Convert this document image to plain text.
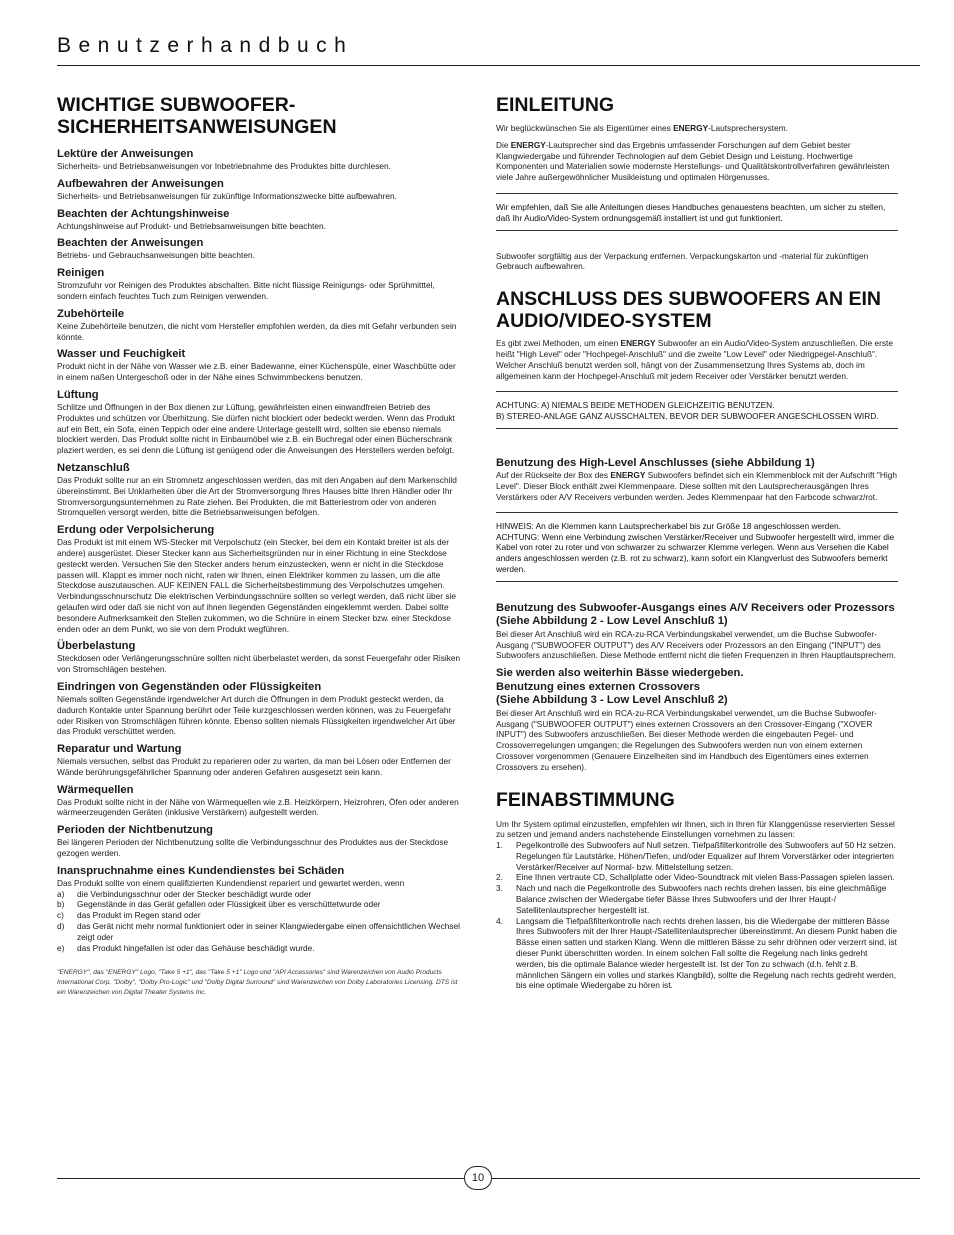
Benutzerhandbuch
WICHTIGE SUBWOOFER-SICHERHEITSANWEISUNGEN
Lektüre der Anweisungen
Sicherheits- und Betriebsanweisungen vor Inbetriebnahme des Produktes bitte durchlesen.
Aufbewahren der Anweisungen
Sicherheits- und Betriebsanweisungen für zukünftige Informationszwecke bitte aufbewahren.
Beachten der Achtungshinweise
Achtungshinweise auf Produkt- und Betriebsanweisungen bitte beachten.
Beachten der Anweisungen
Betriebs- und Gebrauchsanweisungen bitte beachten.
Reinigen
Stromzufuhr vor Reinigen des Produktes abschalten. Bitte nicht flüssige Reinigungs- oder Sprühmitttel, sondern einfach feuchtes Tuch zum Reinigen verwenden.
Zubehörteile
Keine Zubehörteile benutzen, die nicht vom Hersteller empfohlen werden, da dies mit Gefahr verbunden sein könnte.
Wasser und Feuchigkeit
Produkt nicht in der Nähe von Wasser wie z.B. einer Badewanne, einer Küchenspüle, einer Waschbütte oder in einem naßen Untergeschoß oder in der Nähe eines Schwimmbeckens benutzen.
Lüftung
Schlitze und Öffnungen in der Box dienen zur Lüftung, gewährleisten einen einwandfreien Betrieb des Produktes und schützen vor Überhitzung. Sie dürfen nicht blockiert oder bedeckt werden. Wenn das Produkt auf ein Bett, ein Sofa, einen Teppich oder eine andere Unterlage gestellt wird, sollten sie ebenso niemals blockiert werden. Das Produkt sollte nicht in Einbaumöbel wie z.B. ein Buchregal oder einen Bücherschrank plaziert werden, es sei denn die Lüftung ist genügend oder die Anweisungen des Herstellers werden befolgt.
Netzanschluß
Das Produkt sollte nur an ein Stromnetz angeschlossen werden, das mit den Angaben auf dem Markenschild übereinstimmt. Bei Unklarheiten über die Art der Stromversorgung Ihres Hauses bitte Ihren Händler oder Ihr Stromversorgungsunternehmen zu Rate ziehen. Bei Produkten, die mit Batteriestrom oder von anderen Stromquellen versorgt werden, bitte die Betriebsanweisungen befolgen.
Erdung oder Verpolsicherung
Das Produkt ist mit einem WS-Stecker mit Verpolschutz (ein Stecker, bei dem ein Kontakt breiter ist als der andere) ausgerüstet. Dieser Stecker kann aus Sicherheitsgründen nur in einer Richtung in eine Steckdose gesteckt werden. Versuchen Sie den Stecker anders herum einzustecken, wenn er nicht in die Steckdose passen will. Klappt es immer noch nicht, raten wir Ihnen, einen Elektriker kommen zu lassen, um die alte Steckdose auszutauschen. AUF KEINEN FALL die Sicherheitsbestimmung des Verpolschutzes umgehen. Verbindungsschnurschutz Die elektrischen Verbindungsschnüre sollten so verlegt werden, daß nicht über sie gelaufen wird oder daß sie nicht von auf ihnen liegenden Gegenständen eingeklemmt werden. Dabei sollte besondere Aufmerksamkeit den Stellen zukommen, wo die Schnüre in einem Stecker bzw. einer Steckdose enden oder an dem Punkt, wo sie von dem Produkt wegführen.
Überbelastung
Steckdosen oder Verlängerungsschnüre sollten nicht überbelastet werden, da sonst Feuergefahr oder Risiken von Stromschlägen bestehen.
Eindringen von Gegenständen oder Flüssigkeiten
Niemals sollten Gegenstände irgendwelcher Art durch die Öffnungen in dem Produkt gesteckt werden, da dadurch Kontakte unter Spannung berührt oder Teile kurzgeschlossen werden können, was zu Feuergefahr oder Risiken von Stromschlägen führen könnte. Ebenso sollten niemals Flüssigkeiten irgendwelcher Art über das Produkt verschüttet werden.
Reparatur und Wartung
Niemals versuchen, selbst das Produkt zu reparieren oder zu warten, da man bei Lösen oder Entfernen der Wände berührungsgefährlicher Spannung oder anderen Gefahren ausgesetzt sein kann.
Wärmequellen
Das Produkt sollte nicht in der Nähe von Wärmequellen wie z.B. Heizkörpern, Heizrohren, Öfen oder anderen wärmeerzeugenden Geräten (inklusive Verstärkern) aufgestellt werden.
Perioden der Nichtbenutzung
Bei längeren Perioden der Nichtbenutzung sollte die Verbindungsschnur des Produktes aus der Steckdose gezogen werden.
Inanspruchnahme eines Kundendienstes bei Schäden
Das Produkt sollte von einem qualifizierten Kundendienst repariert und gewartet werden, wenn
a)	die Verbindungsschnur oder der Stecker beschädigt wurde oder
b)	Gegenstände in das Gerät gefallen oder Flüssigkeit über es verschüttetwurde oder
c)	das Produkt im Regen stand oder
d)	das Gerät nicht mehr normal funktioniert oder in seiner Klangwiedergabe einen offensichtlichen Wechsel zeigt oder
e)	das Produkt hingefallen ist oder das Gehäuse beschädigt wurde.
"ENERGY", das "ENERGY" Logo, "Take 5 +1", das "Take 5 +1" Logo und "API Accessories" sind Warenzeichen von Audio Products International Corp. "Dolby", "Dolby Pro-Logic" und "Dolby Digital Surround" sind Warenzeichen von Dolby Laboratories Licensing. DTS ist ein Warenzeichen von Digital Theater Systems Inc.
EINLEITUNG
Wir beglückwünschen Sie als Eigentümer eines ENERGY-Lautsprechersystem.
Die ENERGY-Lautsprecher sind das Ergebnis umfassender Forschungen auf dem Gebiet bester Klangwiedergabe und führender Technologien auf dem Gebiet Design und Leistung. Hochwertige Komponenten und Materialien sowie modernste Herstellungs- und Qualitätskontrollverfahren gewährleisten viele Jahre außergewöhnlicher Musikleistung und optimalen Hörgenusses.
Wir empfehlen, daß Sie alle Anleitungen dieses Handbuches genauestens beachten, um sicher zu stellen, daß Ihr Audio/Video-System ordnungsgemäß installiert ist und gut funktioniert.
Subwoofer sorgfältig aus der Verpackung entfernen. Verpackungskarton und -material für zukünftigen Gebrauch aufbewahren.
ANSCHLUSS DES SUBWOOFERS AN EIN AUDIO/VIDEO-SYSTEM
Es gibt zwei Methoden, um einen ENERGY Subwoofer an ein Audio/Video-System anzuschließen. Die erste heißt "High Level" oder "Hochpegel-Anschluß" und die zweite "Low Level" oder Niedrigpegel-Anschluß". Welcher Anschluß benutzt werden soll, hängt von der Zusammensetzung Ihres Systems ab, doch im allgemeinen kann der Hochpegel-Anschluß mit jedem Receiver oder Verstärker benutzt werden.
ACHTUNG: A) NIEMALS BEIDE METHODEN GLEICHZEITIG BENUTZEN.
B) STEREO-ANLAGE GANZ AUSSCHALTEN, BEVOR DER SUBWOOFER ANGESCHLOSSEN WIRD.
Benutzung des High-Level Anschlusses (siehe Abbildung 1)
Auf der Rückseite der Box des ENERGY Subwoofers befindet sich ein Klemmenblock mit der Aufschrift "High Level". Dieser Block enthält zwei Klemmenpaare. Diese sollten mit den Lautsprecherausgängen Ihres Verstärkers oder A/V Receivers verbunden werden. Jedes Klemmenpaar hat den Farbcode schwarz/rot.
HINWEIS: An die Klemmen kann Lautsprecherkabel bis zur Größe 18 angeschlossen werden.
ACHTUNG: Wenn eine Verbindung zwischen Verstärker/Receiver und Subwoofer hergestellt wird, immer die Kabel von roter zu roter und von schwarzer zu schwarzer Klemme verlegen. Wenn aus Versehen die Kabel anders angeschlossen werden (z.B. rot zu schwarz), kann sofort ein Klangverlust des Subwoofers bemerkt werden.
Benutzung des Subwoofer-Ausgangs eines A/V Receivers oder Prozessors (Siehe Abbildung 2 - Low Level Anschluß 1)
Bei dieser Art Anschluß wird ein RCA-zu-RCA Verbindungskabel verwendet, um die Buchse Subwoofer-Ausgang ("SUBWOOFER OUTPUT") des A/V Receivers oder Prozessors an den Eingang ("INPUT") des Subwoofers anzuschließen. Diese Methode entfernt nicht die tiefen Frequenzen in Ihren Hauptlautsprechern.
Sie werden also weiterhin Bässe wiedergeben.
Benutzung eines externen Crossovers
(Siehe Abbildung 3 - Low Level Anschluß 2)
Bei dieser Art Anschluß wird ein RCA-zu-RCA Verbindungskabel verwendet, um die Buchse Subwoofer-Ausgang ("SUBWOOFER OUTPUT") eines externen Crossovers an den Crossover-Eingang ("XOVER INPUT") des Subwoofers anzuschließen. Bei dieser Methode werden die eingebauten Pegel- und Crossoverregelungen umgangen; die Regelungen des Subwoofers werden nun von einem externen Crossover vorgenommen (Genauere Einzelheiten sind im Handbuch des Eigentümers eines externen Crossovers zu ersehen).
FEINABSTIMMUNG
Um Ihr System optimal einzustellen, empfehlen wir Ihnen, sich in Ihren für Klanggenüsse reservierten Sessel zu setzen und jemand anders nachstehende Einstellungen vornehmen zu lassen:
1.	Pegelkontrolle des Subwoofers auf Null setzen. Tiefpaßfilterkontrolle des Subwoofers auf 50 Hz setzen. Regelungen für Lautstärke, Höhen/Tiefen, und/oder Equalizer auf Ihrem Vorverstärker oder integrierten Verstärker/Receiver auf Normal- bzw. Mittelstellung setzen.
2.	Eine Ihnen vertraute CD, Schallplatte oder Video-Soundtrack mit vielen Bass-Passagen spielen lassen.
3.	Nach und nach die Pegelkontrolle des Subwoofers nach rechts drehen lassen, bis eine gleichmäßige Balance zwischen der Wiedergabe tiefer Bässe Ihres Subwoofers und der Ihrer Haupt-/ Satellitenlautsprecher hergestellt ist.
4.	Langsam die Tiefpaßfilterkontrolle nach rechts drehen lassen, bis die Wiedergabe der mittleren Bässe Ihres Subwoofers mit der Ihrer Haupt-/Satellitenlautsprecher übereinstimmt. An diesem Punkt haben die Bässe einen satten und starken Klang. Wenn die mittleren Bässe zu sehr dröhnen oder verzerrt sind, ist dieser Punkt überschritten worden. In einem solchen Fall sollte die Regelung nach links gedreht werden, bis die optimale Balance wieder hergestellt ist. Ist der Ton zu schwach (d.h. fehlt z.B. männlichen Sängern ein volles und starkes Klangbild), sollte die Regelung nach rechts gedreht werden, bis eine optimale Wiedergabe zu hören ist.
10
